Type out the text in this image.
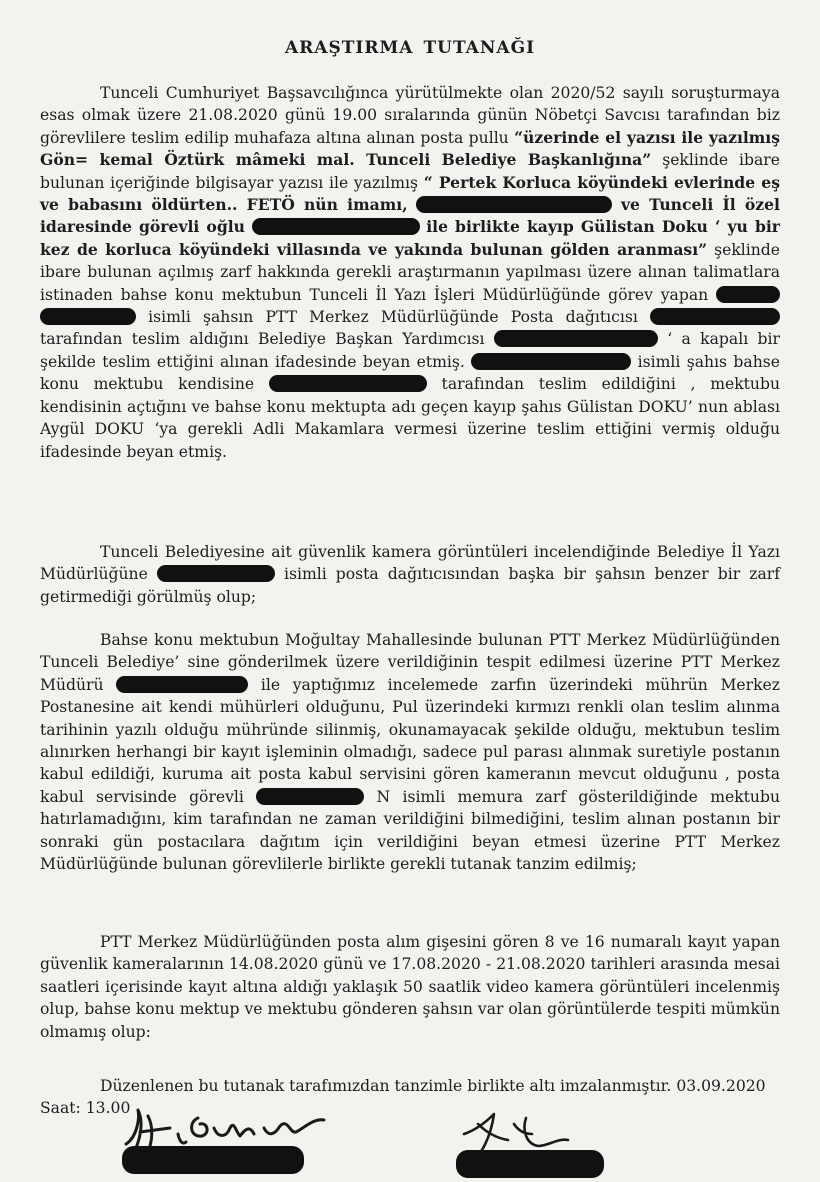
ARAŞTIRMA TUTANAĞI
Tunceli Cumhuriyet Başsavcılığınca yürütülmekte olan 2020/52 sayılı soruşturmaya esas olmak üzere 21.08.2020 günü 19.00 sıralarında günün Nöbetçi Savcısı tarafından biz görevlilere teslim edilip muhafaza altına alınan posta pullu “üzerinde el yazısı ile yazılmış Gön= kemal Öztürk mâmeki mal. Tunceli Belediye Başkanlığına” şeklinde ibare bulunan içeriğinde bilgisayar yazısı ile yazılmış “ Pertek Korluca köyündeki evlerinde eş ve babasını öldürten.. FETÖ nün imamı,	ve Tunceli İl özel idaresinde görevli oğlu	ile birlikte kayıp Gülistan Doku ‘ yu bir kez de korluca köyündeki villasında ve yakında bulunan gölden aranması” şeklinde ibare bulunan açılmış zarf hakkında gerekli araştırmanın yapılması üzere alınan talimatlara istinaden bahse konu mektubun Tunceli İl Yazı İşleri Müdürlüğünde görev yapan   isimli şahsın PTT Merkez Müdürlüğünde Posta dağıtıcısı  tarafından teslim aldığını Belediye Başkan Yardımcısı	‘ a kapalı bir şekilde teslim ettiğini alınan ifadesinde beyan etmiş.	isimli şahıs bahse konu mektubu kendisine	tarafından teslim edildiğini , mektubu kendisinin açtığını ve bahse konu mektupta adı geçen kayıp şahıs Gülistan DOKU’ nun ablası Aygül DOKU ‘ya gerekli Adli Makamlara vermesi üzerine teslim ettiğini vermiş olduğu ifadesinde beyan etmiş.
Tunceli Belediyesine ait güvenlik kamera görüntüleri incelendiğinde Belediye İl Yazı Müdürlüğüne	isimli posta dağıtıcısından başka bir şahsın benzer bir zarf getirmediği görülmüş olup;
Bahse konu mektubun Moğultay Mahallesinde bulunan PTT Merkez Müdürlüğünden Tunceli Belediye’ sine gönderilmek üzere verildiğinin tespit edilmesi üzerine PTT Merkez Müdürü	ile yaptığımız incelemede zarfın üzerindeki mührün Merkez Postanesine ait kendi mühürleri olduğunu, Pul üzerindeki kırmızı renkli olan teslim alınma tarihinin yazılı olduğu mühründe silinmiş, okunamayacak şekilde olduğu, mektubun teslim alınırken herhangi bir kayıt işleminin olmadığı, sadece pul parası alınmak suretiyle postanın kabul edildiği, kuruma ait posta kabul servisini gören kameranın mevcut olduğunu , posta kabul servisinde görevli	N isimli memura zarf gösterildiğinde mektubu hatırlamadığını, kim tarafından ne zaman verildiğini bilmediğini, teslim alınan postanın bir sonraki gün postacılara dağıtım için verildiğini beyan etmesi üzerine PTT Merkez Müdürlüğünde bulunan görevlilerle birlikte gerekli tutanak tanzim edilmiş;
PTT Merkez Müdürlüğünden posta alım gişesini gören 8 ve 16 numaralı kayıt yapan güvenlik kameralarının 14.08.2020 günü ve 17.08.2020 - 21.08.2020 tarihleri arasında mesai saatleri içerisinde kayıt altına aldığı yaklaşık 50 saatlik video kamera görüntüleri incelenmiş olup, bahse konu mektup ve mektubu gönderen şahsın var olan görüntülerde tespiti mümkün olmamış olup:
Düzenlenen bu tutanak tarafımızdan tanzimle birlikte altı imzalanmıştır. 03.09.2020
Saat: 13.00
